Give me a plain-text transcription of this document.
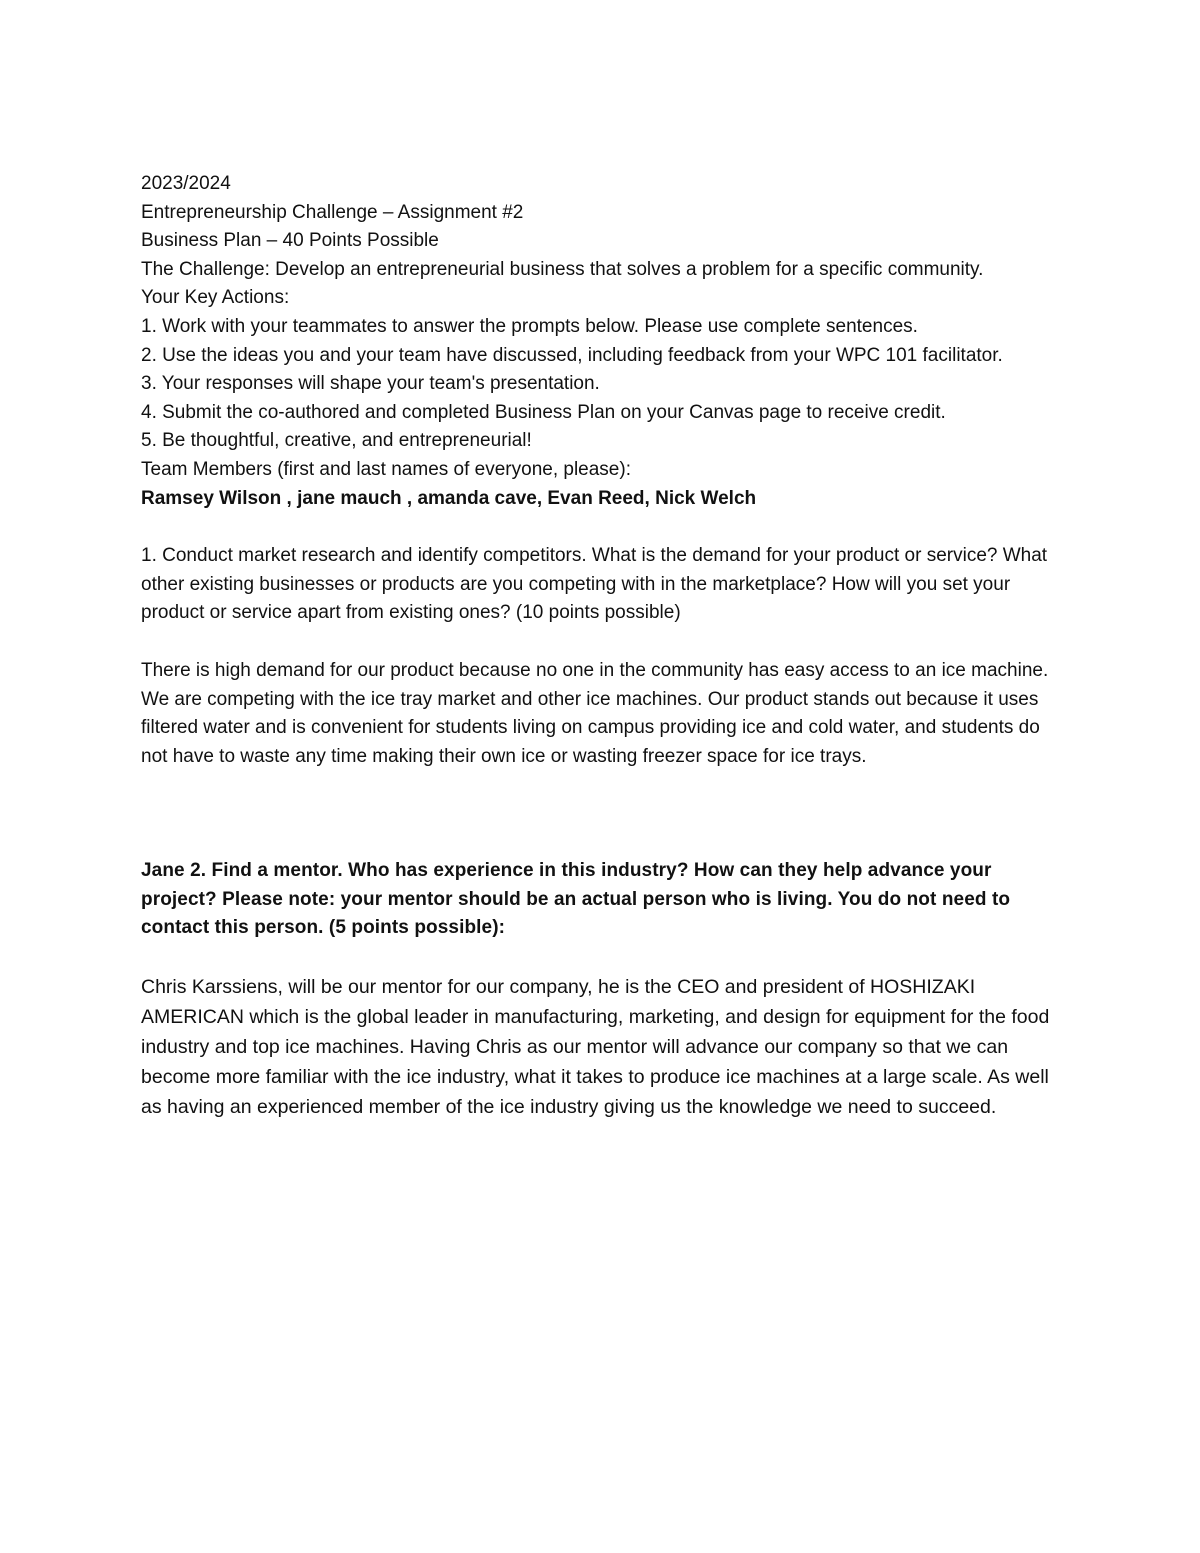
2023/2024
Entrepreneurship Challenge – Assignment #2
Business Plan – 40 Points Possible
The Challenge: Develop an entrepreneurial business that solves a problem for a specific community.
Your Key Actions:
1. Work with your teammates to answer the prompts below. Please use complete sentences.
2. Use the ideas you and your team have discussed, including feedback from your WPC 101 facilitator.
3. Your responses will shape your team's presentation.
4. Submit the co-authored and completed Business Plan on your Canvas page to receive credit.
5. Be thoughtful, creative, and entrepreneurial!
Team Members (first and last names of everyone, please):
Ramsey Wilson , jane mauch , amanda cave, Evan Reed, Nick Welch

1. Conduct market research and identify competitors. What is the demand for your product or service? What other existing businesses or products are you competing with in the marketplace? How will you set your product or service apart from existing ones? (10 points possible)

There is high demand for our product because no one in the community has easy access to an ice machine. We are competing with the ice tray market and other ice machines. Our product stands out because it uses filtered water and is convenient for students living on campus providing ice and cold water, and students do not have to waste any time making their own ice or wasting freezer space for ice trays.

Jane 2. Find a mentor. Who has experience in this industry? How can they help advance your project? Please note: your mentor should be an actual person who is living. You do not need to contact this person. (5 points possible):

Chris Karssiens, will be our mentor for our company, he is the CEO and president of HOSHIZAKI AMERICAN which is the global leader in manufacturing, marketing, and design for equipment for the food industry and top ice machines. Having Chris as our mentor will advance our company so that we can become more familiar with the ice industry, what it takes to produce ice machines at a large scale. As well as having an experienced member of the ice industry giving us the knowledge we need to succeed.
